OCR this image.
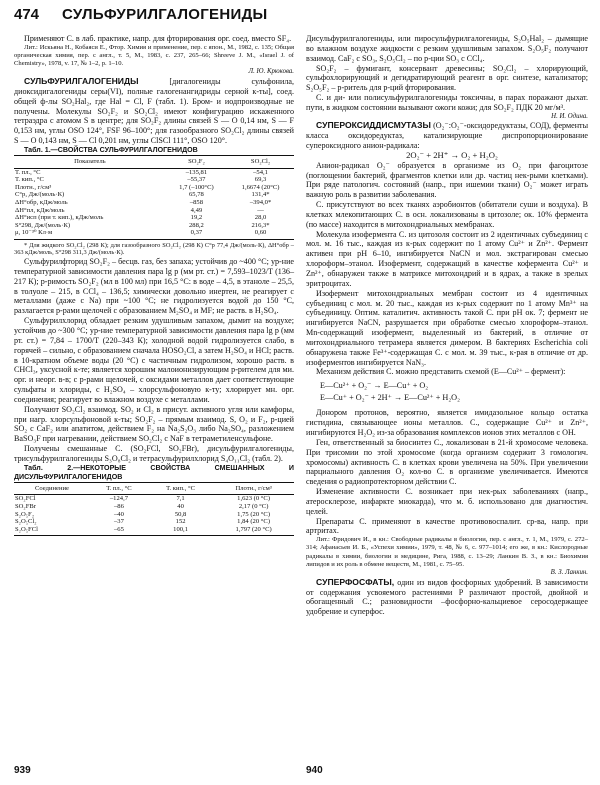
474 СУЛЬФУРИЛГАЛОГЕНИДЫ

Применяют С. в лаб. практике, напр. для фторирования орг. соед. вместо SF₄.

Лит.: Искьяна Н., Кобаяси Е., Фтор. Химия и применение, пер. с япон., М., 1982, с. 135; Общая органическая химия, пер. с англ., т. 5, М., 1983, с. 237, 265–66; Shreeve J. M., «Israel J. of Chemistry», 1978, v. 17, № 1–2, p. 1–10.

Л. Ю. Крюкова.

СУЛЬФУРИЛГАЛОГЕНИДЫ	[дигалогениды сульфонила, диоксидигалогениды серы(VI), полные галогенангидриды серной к-ты], соед. общей ф-лы SO₂Hal₂, где Hal = Cl, F (табл. 1). Бром- и иодпроизводные не получены. Молекулы SO₂F₂ и SO₂Cl₂ имеют конфигурацию искаженного тетраэдра с атомом S в центре; для SO₂F₂ длины связей S — O 0,14 нм, S — F 0,153 нм, углы OSO 124°, FSF 96–100°; для газообразного SO₂Cl₂ длины связей S — O 0,143 нм, S — Cl 0,201 нм, углы ClSCl 111°, OSO 120°.

Табл. 1.—СВОЙСТВА СУЛЬФУРИЛГАЛОГЕНИДОВ

Показатель	SO₂F₂	SO₂Cl₂
Т. пл., °С	–135,81	–54,1
Т. кип., °С	–55,37	69,3
Плотн., г/см³	1,7 (–100°C)	1,6674 (20°C)
C°p, Дж/(моль·К)	65,78	131,4*
ΔH°обр, кДж/моль	–858	–394,0*
ΔH°пл, кДж/моль	4,49	—
ΔH°исп (при т. кип.), кДж/моль	19,2	28,0
S°298, Дж/(моль·К)	288,2	216,3*
μ, 10⁻³⁰ Кл·м	0,37	0,60

* Для жидкого SO₂Cl₂ (298 К); для газообразного SO₂Cl₂ (298 К) C°p 77,4 Дж/(моль·К), ΔH°обр –363 кДж/моль, S°298 311,3 Дж/(моль·К).

Сульфурилфторид SO₂F₂ – бесцв. газ, без запаха; устойчив до ~400 °С; ур-ние температурной зависимости давления пара lg p (мм рт. ст.) = 7,593–1023/T (136–217 К); р-римость SO₂F₂ (мл в 100 мл) при 16,5 °С: в воде – 4,5, в этаноле – 25,5, в толуоле – 215, в CCl₄ – 136,5; химически довольно инертен, не реагирует с металлами (даже с Na) при ~100 °С; не гидролизуется водой до 150 °С, разлагается р-рами щелочей с образованием M₂SO₄ и MF; не раств. в H₂SO₄.

Сульфурилхлорид обладает резким удушливым запахом, дымит на воздухе; устойчив до ~300 °С; ур-ние температурной зависимости давления пара lg p (мм рт. ст.) = 7,84 – 1700/T (220–343 К); холодной водой гидролизуется слабо, в горячей – сильно, с образованием сначала HOSO₂Cl, а затем H₂SO₄ и HCl; раств. в 10-кратном объеме воды (20 °С) с частичным гидролизом, хорошо раств. в CHCl₃, уксусной к-те; является хорошим малоионизирующим р-рителем для ми. орг. и неорг. в-в; с р-рами щелочей, с оксидами металлов дает соответствующие сульфаты и хлориды, с H₂SO₄ – хлорсульфоновую к-ту; хлорирует мн. орг. соединения; реагирует во влажном воздухе с металлами.

Получают SO₂Cl₂ взаимод. SO₂ и Cl₂ в присут. активного угля или камфоры, при нагр. хлорсульфоновой к-ты; SO₂F₂ – прямым взаимод. S, O₂ и F₂, р-цией SO₂ с CaF₂ или апатитом, действием F₂ на Na₂S₂O₃ либо Na₂SO₄, разложением BaSO₃F при нагревании, действием SO₂Cl₂ с NaF в тетраметиленсульфоне.

Получены смешанные С. (SO₂FCl, SO₂FBr), дисульфурилгалогениды, трисульфурилгалогениды S₃O₈Cl₂ и тетрасульфурилхлорид S₄O₁₁Cl₂ (табл. 2).

Табл. 2.—НЕКОТОРЫЕ СВОЙСТВА СМЕШАННЫХ И ДИСУЛЬФУРИЛГАЛОГЕНИДОВ

Соединение	Т. пл., °С	Т. кип., °С	Плотн., г/см³
SO₂FCl	–124,7	7,1	1,623 (0 °С)
SO₂FBr	–86	40	2,17 (0 °С)
S₂O₅F₂	–40	50,8	1,75 (20 °С)
S₂O₅Cl₂	–37	152	1,84 (20 °С)
S₂O₅FCl	–65	100,1	1,797 (20 °С)

Дисульфурилгалогениды, или пиросульфурилгалогениды, S₂O₅Hal₂ – дымящие во влажном воздухе жидкости с резким удушливым запахом. S₂O₅F₂ получают взаимод. CaF₂ с SO₃, S₂O₅Cl₂ – по р-ции SO₃ с CCl₄.

SO₂F₂ – фумигант, консервант древесины; SO₂Cl₂ – хлорирующий, сульфохлорирующий и дегидратирующий реагент в орг. синтезе, катализатор; S₂O₅F₂ – р-ритель для р-ций фторирования.

С. и ди- или полисульфурилгалогениды токсичны, в парах поражают дыхат. пути, в жидком состоянии вызывают ожоги кожи; для SO₂F₂ ПДК 20 мг/м³.

Н. И. Одина.

СУПЕРОКСИДДИСМУТАЗЫ (O₂⁻:O₂⁻-оксидоредуктазы, СОД), ферменты класса оксидоредуктаз, катализирующие диспропорционирование супероксидного анион-радикала:

2O₂⁻ + 2H⁺ → O₂ + H₂O₂

Анион-радикал O₂⁻ образуется в организме из O₂ при фагоцитозе (поглощении бактерий, фрагментов клетки или др. частиц нек-рыми клетками). При ряде патологич. состояний (напр., при ишемии ткани) O₂⁻ может играть важную роль в развитии заболевания.

С. присутствуют во всех тканях аэробионтов (обитатели суши и воздуха). В клетках млекопитающих С. в осн. локализованы в цитозоле; ок. 10% фермента (по массе) находится в митохондриальных мембранах.

Молекула изофермента С. из цитозоля состоит из 2 идентичных субъединиц с мол. м. 16 тыс., каждая из к-рых содержит по 1 атому Cu²⁺ и Zn²⁺. Фермент активен при pH 6–10, ингибируется NaCN и мол. экстрагирован смесью хлороформ–этанол. Изофермент, содержащий в качестве кофермента Cu²⁺ и Zn²⁺, обнаружен также в матриксе митохондрий и в ядрах, а также в зрелых эритроцитах.

Изофермент митохондриальных мембран состоит из 4 идентичных субъединиц с мол. м. 20 тыс., каждая из к-рых содержит по 1 атому Mn³⁺ на субъединицу. Оптим. каталитич. активность такой С. при pH ок. 7; фермент не ингибируется NaCN, разрушается при обработке смесью хлороформ–этанол. Mn-содержащий изофермент, выделенный из бактерий, в отличие от митохондриального тетрамера является димером. В бактериях Escherichia coli обнаружена также Fe³⁺-содержащая С. с мол. м. 39 тыс., к-рая в отличие от др. изоферментов ингибируется NaN₃.

Механизм действия С. можно представить схемой (E—Cu²⁺ – фермент):

E—Cu²⁺ + O₂⁻ → E—Cu⁺ + O₂
E—Cu⁺ + O₂⁻ + 2H⁺ → E—Cu²⁺ + H₂O₂

Донором протонов, вероятно, является имидазольное кольцо остатка гистидина, связывающее ионы металлов. С., содержащие Cu²⁺ и Zn²⁺, ингибируются H₂O₂ из-за образования комплексов ионов этих металлов с OH.

Ген, ответственный за биосинтез С., локализован в 21-й хромосоме человека. При трисомии по этой хромосоме (когда организм содержит 3 гомологич. хромосомы) активность С. в клетках крови увеличена на 50%. При увеличении парциального давления O₂ кол-во С. в организме увеличивается. Имеются сведения о радиопротекторном действии С.

Изменение активности С. возникает при нек-рых заболеваниях (напр., атеросклерозе, инфаркте миокарда), что м. б. использовано для диагностич. целей.

Препараты С. применяют в качестве противовоспалит. ср-ва, напр. при артритах.

Лит.: Фридович И., в кн.: Свободные радикалы в биологии, пер. с англ., т. 1, М., 1979, с. 272–314; Афанасьев И. Б., «Успехи химии», 1979, т. 48, № 6, с. 977–1014; его же, в кн.: Кислородные радикалы в химии, биологии и медицине, Рига, 1988, с. 13–29; Ланкин В. З., в кн.: Биохимия липидов и их роль в обмене веществ, М., 1981, с. 75–95.

В. З. Ланкин.

СУПЕРФОСФАТЫ, один из видов фосфорных удобрений. В зависимости от содержания усвояемого растениями P различают простой, двойной и обогащенный С.; разновидности –фосфорно-кальциевое серосодержащее удобрение и суперфос.

939	940
